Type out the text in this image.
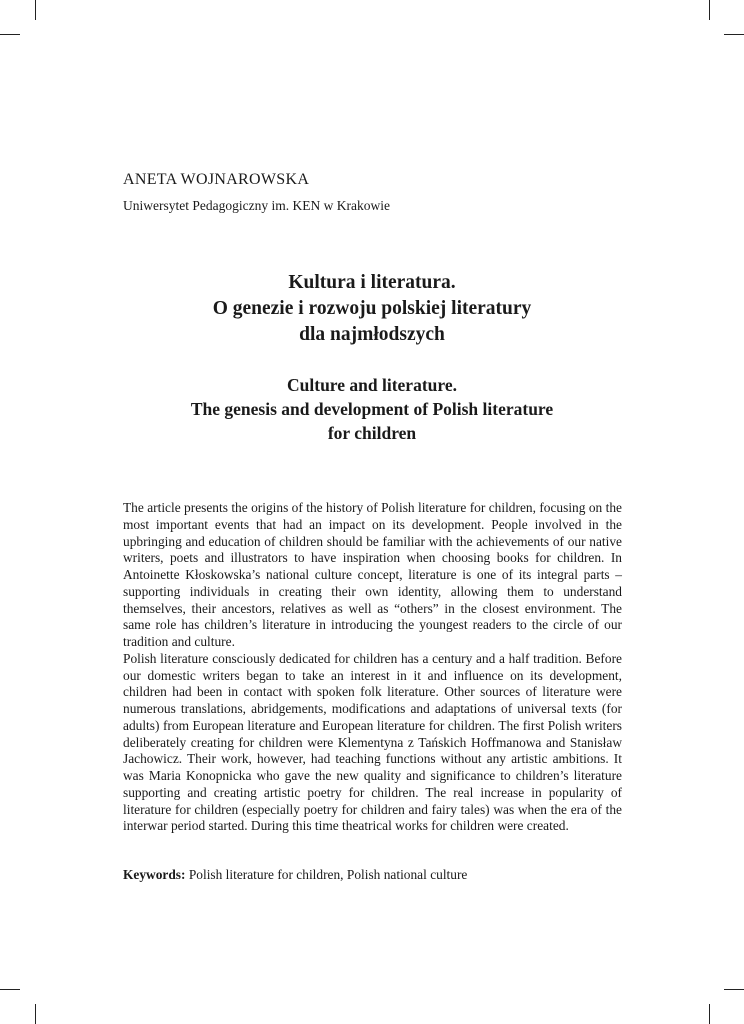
ANETA WOJNAROWSKA

Uniwersytet Pedagogiczny im. KEN w Krakowie

Kultura i literatura.
O genezie i rozwoju polskiej literatury
dla najmłodszych
Culture and literature.
The genesis and development of Polish literature
for children

The article presents the origins of the history of Polish literature for children, focusing on the most important events that had an impact on its development. People involved in the upbringing and education of children should be familiar with the achievements of our native writers, poets and illustrators to have inspiration when choosing books for children. In Antoinette Kłoskowska’s national culture concept, literature is one of its integral parts – supporting individuals in creating their own identity, allowing them to understand themselves, their ancestors, relatives as well as “others” in the closest environment. The same role has children’s literature in introducing the youngest readers to the circle of our tradition and culture.

Polish literature consciously dedicated for children has a century and a half tradition. Before our domestic writers began to take an interest in it and influence on its development, children had been in contact with spoken folk literature. Other sources of literature were numerous translations, abridgements, modifications and adaptations of universal texts (for adults) from European literature and European literature for children. The first Polish writers deliberately creating for children were Klementyna z Tańskich Hoffmanowa and Stanisław Jachowicz. Their work, however, had teaching functions without any artistic ambitions. It was Maria Konopnicka who gave the new quality and significance to children’s literature supporting and creating artistic poetry for children. The real increase in popularity of literature for children (especially poetry for children and fairy tales) was when the era of the interwar period started. During this time theatrical works for children were created.

Keywords: Polish literature for children, Polish national culture
